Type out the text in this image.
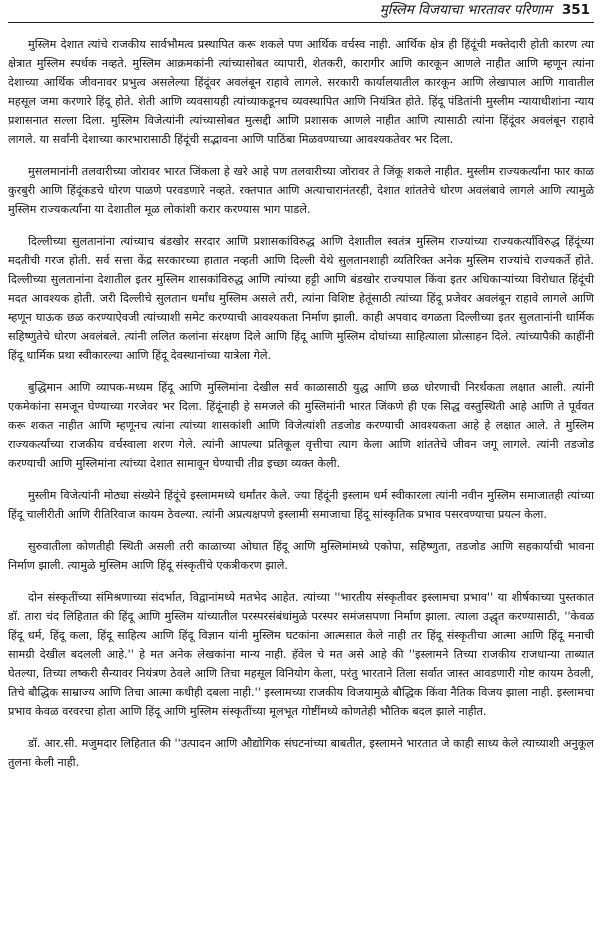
मुस्लिम विजयाचा भारतावर परिणाम 351

मुस्लिम देशात त्यांचे राजकीय सार्वभौमत्व प्रस्थापित करू शकले पण आर्थिक वर्चस्व नाही. आर्थिक क्षेत्र ही हिंदूंची मक्तेदारी होती कारण त्या क्षेत्रात मुस्लिम स्पर्धक नव्हते. मुस्लिम आक्रमकांनी त्यांच्यासोबत व्यापारी, शेतकरी, कारागीर आणि कारकून आणले नाहीत आणि म्हणून त्यांना देशाच्या आर्थिक जीवनावर प्रभुत्व असलेल्या हिंदूंवर अवलंबून राहावे लागले. सरकारी कार्यालयातील कारकून आणि लेखापाल आणि गावातील महसूल जमा करणारे हिंदू होते. शेती आणि व्यवसायही त्यांच्याकडूनच व्यवस्थापित आणि नियंत्रित होते. हिंदू पंडितांनी मुस्लीम न्यायाधीशांना न्याय प्रशासनात सल्ला दिला. मुस्लिम विजेत्यांनी त्यांच्यासोबत मुत्सद्दी आणि प्रशासक आणले नाहीत आणि त्यासाठी त्यांना हिंदूंवर अवलंबून राहावे लागले. या सर्वांनी देशाच्या कारभारासाठी हिंदूंची सद्भावना आणि पाठिंबा मिळवण्याच्या आवश्यकतेवर भर दिला.

मुसलमानांनी तलवारीच्या जोरावर भारत जिंकला हे खरे आहे पण तलवारीच्या जोरावर ते जिंकू शकले नाहीत. मुस्लीम राज्यकर्त्यांना फार काळ कुरबुरी आणि हिंदूंकडचे धोरण पाळणे परवडणारे नव्हते. रक्तपात आणि अत्याचारानंतरही, देशात शांततेचे धोरण अवलंबावे लागले आणि त्यामुळे मुस्लिम राज्यकर्त्यांना या देशातील मूळ लोकांशी करार करण्यास भाग पाडले.

दिल्लीच्या सुलतानांना त्यांच्याच बंडखोर सरदार आणि प्रशासकांविरुद्ध आणि देशातील स्वतंत्र मुस्लिम राज्यांच्या राज्यकर्त्यांविरुद्ध हिंदूंच्या मदतीची गरज होती. सर्व सत्ता केंद्र सरकारच्या हातात नव्हती आणि दिल्ली येथे सुलतानशाही व्यतिरिक्त अनेक मुस्लिम राज्यांचे राज्यकर्ते होते. दिल्लीच्या सुलतानांना देशातील इतर मुस्लिम शासकांविरुद्ध आणि त्यांच्या हट्टी आणि बंडखोर राज्यपाल किंवा इतर अधिकाऱ्यांच्या विरोधात हिंदूंची मदत आवश्यक होती. जरी दिल्लीचे सुलतान धर्मांध मुस्लिम असले तरी, त्यांना विशिष्ट हेतूंसाठी त्यांच्या हिंदू प्रजेवर अवलंबून राहावे लागले आणि म्हणून घाऊक छळ करण्याऐवजी त्यांच्याशी समेट करण्याची आवश्यकता निर्माण झाली. काही अपवाद वगळता दिल्लीच्या इतर सुलतानांनी धार्मिक सहिष्णुतेचे धोरण अवलंबले. त्यांनी ललित कलांना संरक्षण दिले आणि हिंदू आणि मुस्लिम दोघांच्या साहित्याला प्रोत्साहन दिले. त्यांच्यापैकी काहींनी हिंदू धार्मिक प्रथा स्वीकारल्या आणि हिंदू देवस्थानांच्या यात्रेला गेले.

बुद्धिमान आणि व्यापक-मध्यम हिंदू आणि मुस्लिमांना देखील सर्व काळासाठी युद्ध आणि छळ धोरणाची निरर्थकता लक्षात आली. त्यांनी एकमेकांना समजून घेण्याच्या गरजेवर भर दिला. हिंदूंनाही हे समजले की मुस्लिमांनी भारत जिंकणे ही एक सिद्ध वस्तुस्थिती आहे आणि ते पूर्ववत करू शकत नाहीत आणि म्हणूनच त्यांना त्यांच्या शासकांशी आणि विजेत्यांशी तडजोड करण्याची आवश्यकता आहे हे लक्षात आले. ते मुस्लिम राज्यकर्त्यांच्या राजकीय वर्चस्वाला शरण गेले. त्यांनी आपल्या प्रतिकूल वृत्तीचा त्याग केला आणि शांततेचे जीवन जगू लागले. त्यांनी तडजोड करण्याची आणि मुस्लिमांना त्यांच्या देशात सामावून घेण्याची तीव्र इच्छा व्यक्त केली.

मुस्लीम विजेत्यांनी मोठ्या संख्येने हिंदूंचे इस्लाममध्ये धर्मांतर केले. ज्या हिंदूंनी इस्लाम धर्म स्वीकारला त्यांनी नवीन मुस्लिम समाजातही त्यांच्या हिंदू चालीरीती आणि रीतिरिवाज कायम ठेवल्या. त्यांनी अप्रत्यक्षपणे इस्लामी समाजाचा हिंदू सांस्कृतिक प्रभाव पसरवण्याचा प्रयत्न केला.

सुरुवातीला कोणतीही स्थिती असली तरी काळाच्या ओघात हिंदू आणि मुस्लिमांमध्ये एकोपा, सहिष्णुता, तडजोड आणि सहकार्याची भावना निर्माण झाली. त्यामुळे मुस्लिम आणि हिंदू संस्कृतींचे एकत्रीकरण झाले.

दोन संस्कृतींच्या संमिश्रणाच्या संदर्भात, विद्वानांमध्ये मतभेद आहेत. त्यांच्या ''भारतीय संस्कृतीवर इस्लामचा प्रभाव'' या शीर्षकाच्या पुस्तकात डॉ. तारा चंद लिहितात की हिंदू आणि मुस्लिम यांच्यातील परस्परसंबंधांमुळे परस्पर समंजसपणा निर्माण झाला. त्याला उद्धृत करण्यासाठी, ''केवळ हिंदू धर्म, हिंदू कला, हिंदू साहित्य आणि हिंदू विज्ञान यांनी मुस्लिम घटकांना आत्मसात केले नाही तर हिंदू संस्कृतीचा आत्मा आणि हिंदू मनाची सामग्री देखील बदलली आहे.'' हे मत अनेक लेखकांना मान्य नाही. हॅवेल चे मत असे आहे की ''इस्लामने तिच्या राजकीय राजधान्या ताब्यात घेतल्या, तिच्या लष्करी सैन्यावर नियंत्रण ठेवले आणि तिचा महसूल विनियोग केला, परंतु भारताने तिला सर्वात जास्त आवडणारी गोष्ट कायम ठेवली, तिचे बौद्धिक साम्राज्य आणि तिचा आत्मा कधीही दबला नाही.'' इस्लामच्या राजकीय विजयामुळे बौद्धिक किंवा नैतिक विजय झाला नाही. इस्लामचा प्रभाव केवळ वरवरचा होता आणि हिंदू आणि मुस्लिम संस्कृतींच्या मूलभूत गोष्टींमध्ये कोणतेही भौतिक बदल झाले नाहीत.

डॉ. आर.सी. मजुमदार लिहितात की ''उत्पादन आणि औद्योगिक संघटनांच्या बाबतीत, इस्लामने भारतात जे काही साध्य केले त्याच्याशी अनुकूल तुलना केली नाही.
